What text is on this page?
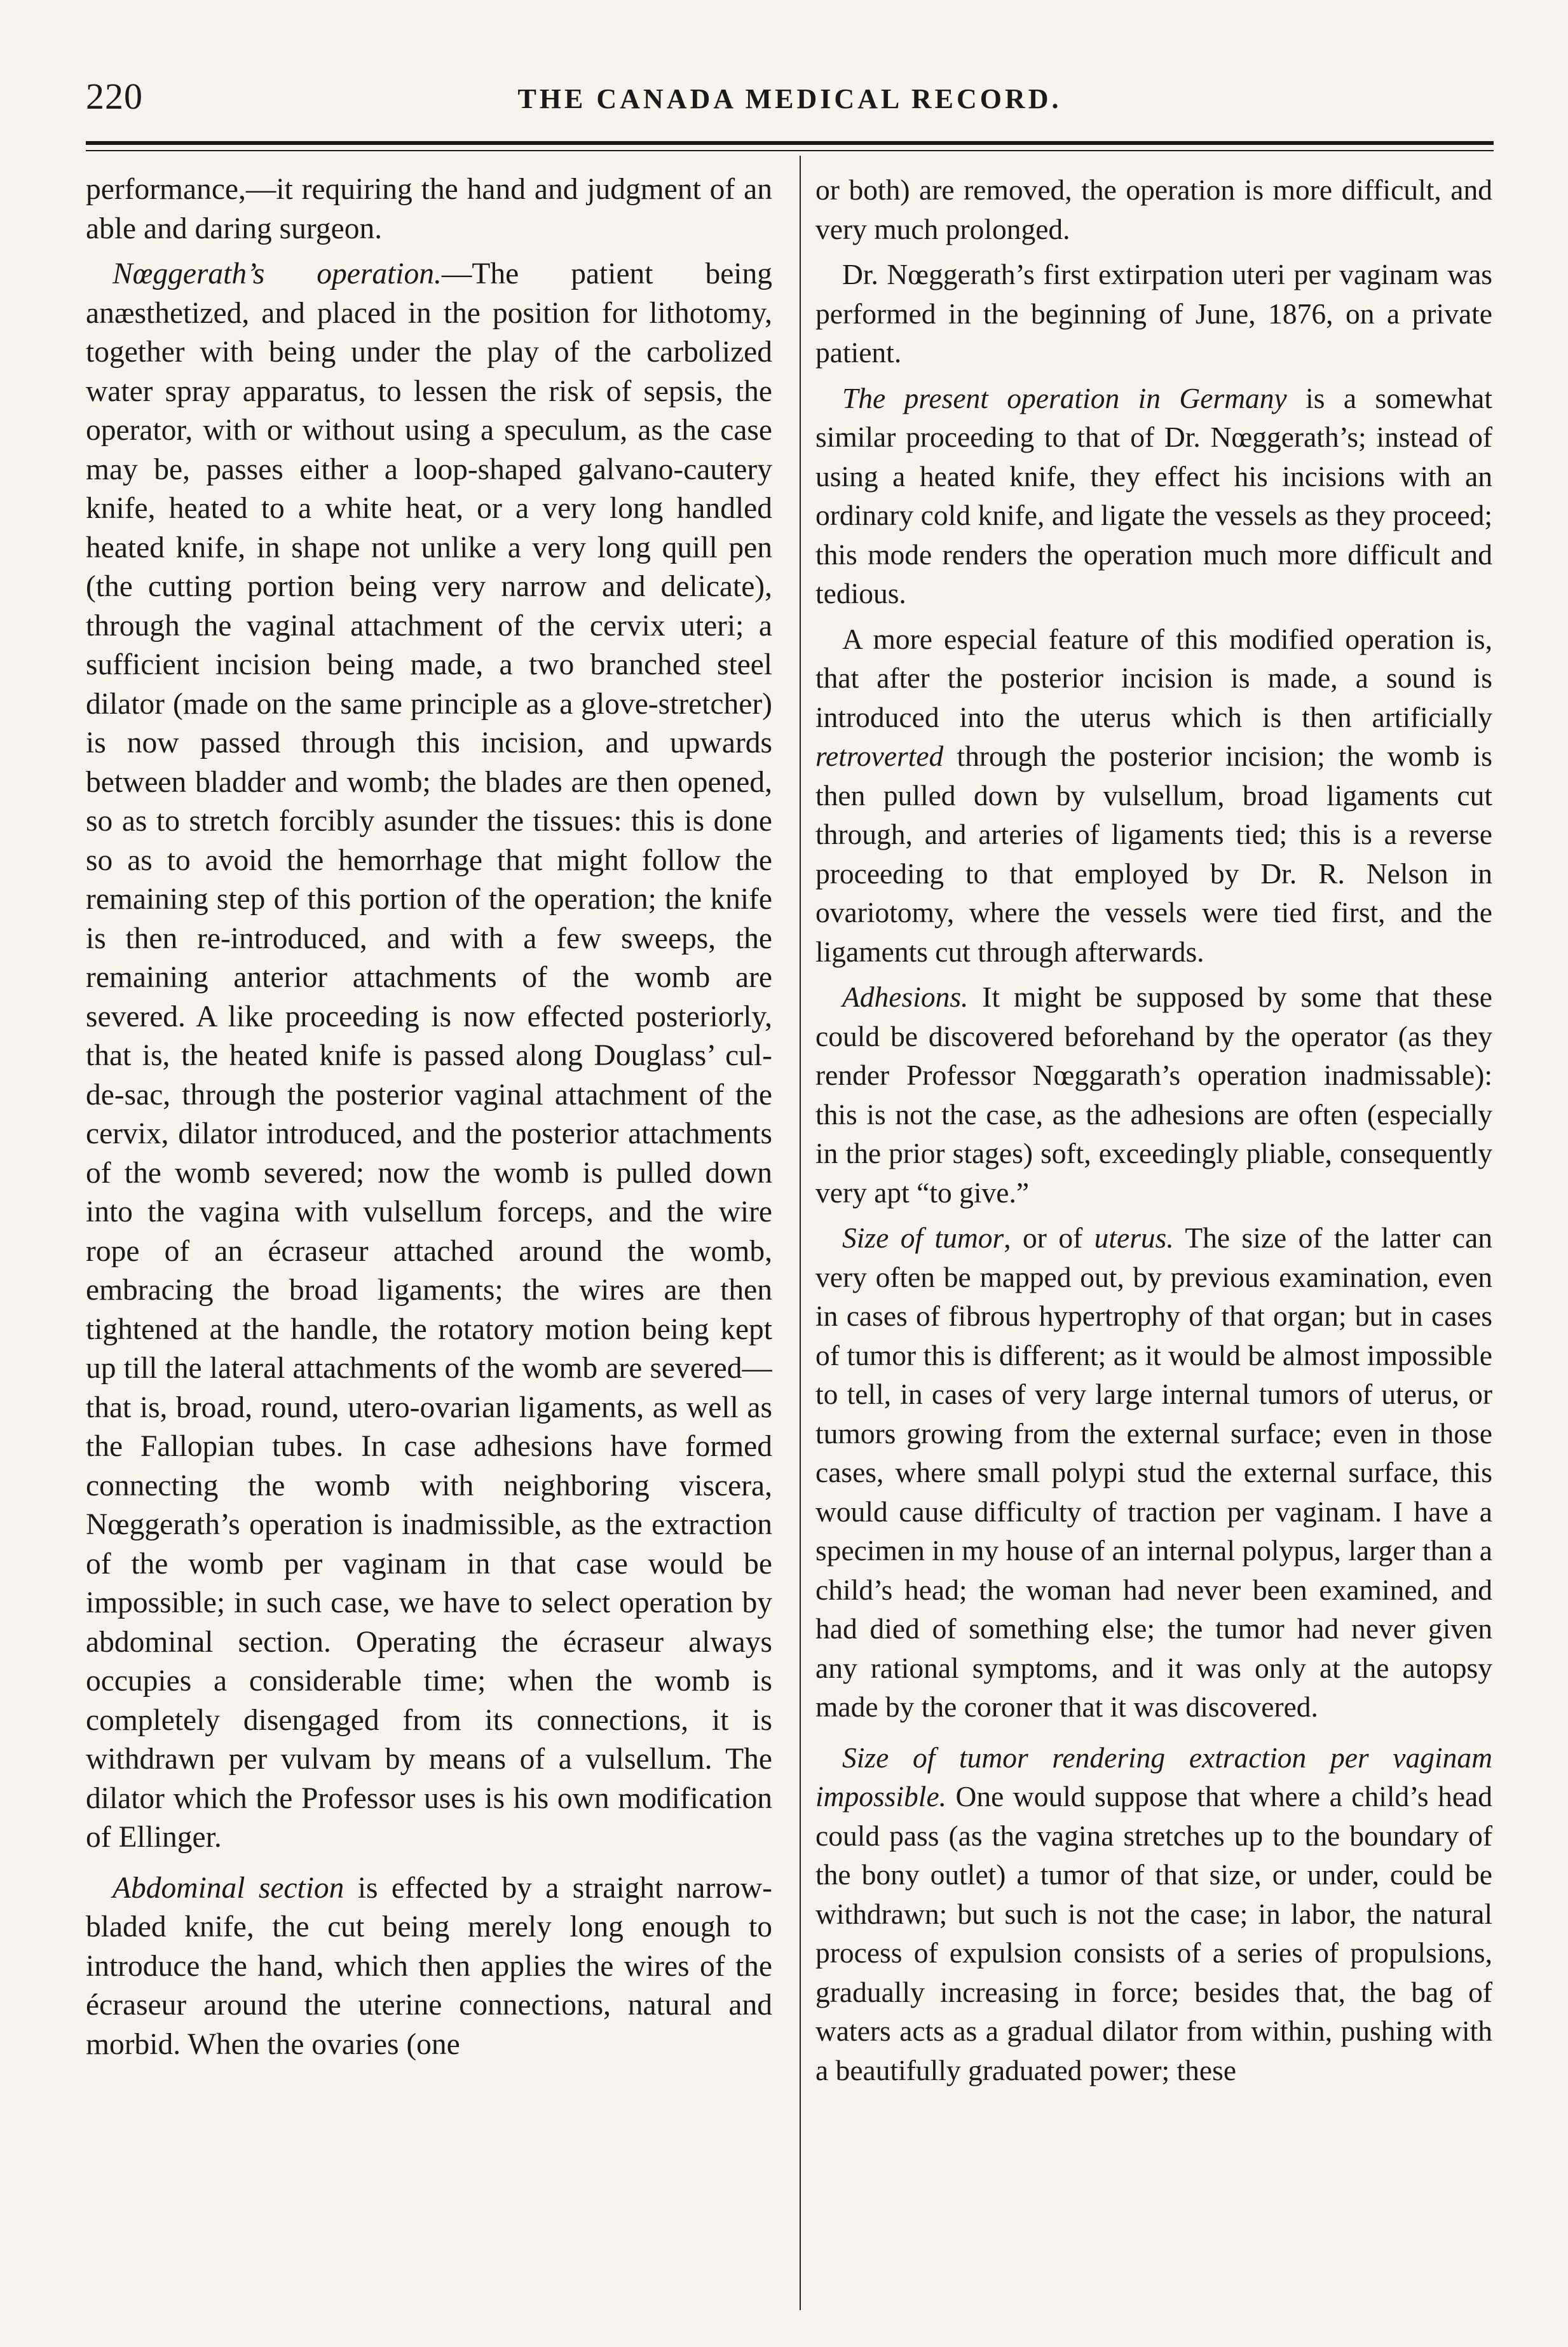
220	THE CANADA MEDICAL RECORD.

performance,—it requiring the hand and judgment of an able and daring surgeon.

Nœggerath’s operation.—The patient being anæsthetized, and placed in the position for lithotomy, together with being under the play of the carbolized water spray apparatus, to lessen the risk of sepsis, the operator, with or without using a speculum, as the case may be, passes either a loop-shaped galvano-cautery knife, heated to a white heat, or a very long handled heated knife, in shape not unlike a very long quill pen (the cutting portion being very narrow and delicate), through the vaginal attachment of the cervix uteri; a sufficient incision being made, a two branched steel dilator (made on the same principle as a glove-stretcher) is now passed through this incision, and upwards between bladder and womb; the blades are then opened, so as to stretch forcibly asunder the tissues: this is done so as to avoid the hemorrhage that might follow the remaining step of this portion of the operation; the knife is then re-introduced, and with a few sweeps, the remaining anterior attachments of the womb are severed. A like proceeding is now effected posteriorly, that is, the heated knife is passed along Douglass’ cul-de-sac, through the posterior vaginal attachment of the cervix, dilator introduced, and the posterior attachments of the womb severed; now the womb is pulled down into the vagina with vulsellum forceps, and the wire rope of an écraseur attached around the womb, embracing the broad ligaments; the wires are then tightened at the handle, the rotatory motion being kept up till the lateral attachments of the womb are severed—that is, broad, round, utero-ovarian ligaments, as well as the Fallopian tubes. In case adhesions have formed connecting the womb with neighboring viscera, Nœggerath’s operation is inadmissible, as the extraction of the womb per vaginam in that case would be impossible; in such case, we have to select operation by abdominal section. Operating the écraseur always occupies a considerable time; when the womb is completely disengaged from its connections, it is withdrawn per vulvam by means of a vulsellum. The dilator which the Professor uses is his own modification of Ellinger.

Abdominal section is effected by a straight narrow-bladed knife, the cut being merely long enough to introduce the hand, which then applies the wires of the écraseur around the uterine connections, natural and morbid. When the ovaries (one

or both) are removed, the operation is more difficult, and very much prolonged.

Dr. Nœggerath’s first extirpation uteri per vaginam was performed in the beginning of June, 1876, on a private patient.

The present operation in Germany is a somewhat similar proceeding to that of Dr. Nœggerath’s; instead of using a heated knife, they effect his incisions with an ordinary cold knife, and ligate the vessels as they proceed; this mode renders the operation much more difficult and tedious.

A more especial feature of this modified operation is, that after the posterior incision is made, a sound is introduced into the uterus which is then artificially retroverted through the posterior incision; the womb is then pulled down by vulsellum, broad ligaments cut through, and arteries of ligaments tied; this is a reverse proceeding to that employed by Dr. R. Nelson in ovariotomy, where the vessels were tied first, and the ligaments cut through afterwards.

Adhesions. It might be supposed by some that these could be discovered beforehand by the operator (as they render Professor Nœggarath’s operation inadmissable): this is not the case, as the adhesions are often (especially in the prior stages) soft, exceedingly pliable, consequently very apt “to give.”

Size of tumor, or of uterus. The size of the latter can very often be mapped out, by previous examination, even in cases of fibrous hypertrophy of that organ; but in cases of tumor this is different; as it would be almost impossible to tell, in cases of very large internal tumors of uterus, or tumors growing from the external surface; even in those cases, where small polypi stud the external surface, this would cause difficulty of traction per vaginam. I have a specimen in my house of an internal polypus, larger than a child’s head; the woman had never been examined, and had died of something else; the tumor had never given any rational symptoms, and it was only at the autopsy made by the coroner that it was discovered.

Size of tumor rendering extraction per vaginam impossible. One would suppose that where a child’s head could pass (as the vagina stretches up to the boundary of the bony outlet) a tumor of that size, or under, could be withdrawn; but such is not the case; in labor, the natural process of expulsion consists of a series of propulsions, gradually increasing in force; besides that, the bag of waters acts as a gradual dilator from within, pushing with a beautifully graduated power; these
